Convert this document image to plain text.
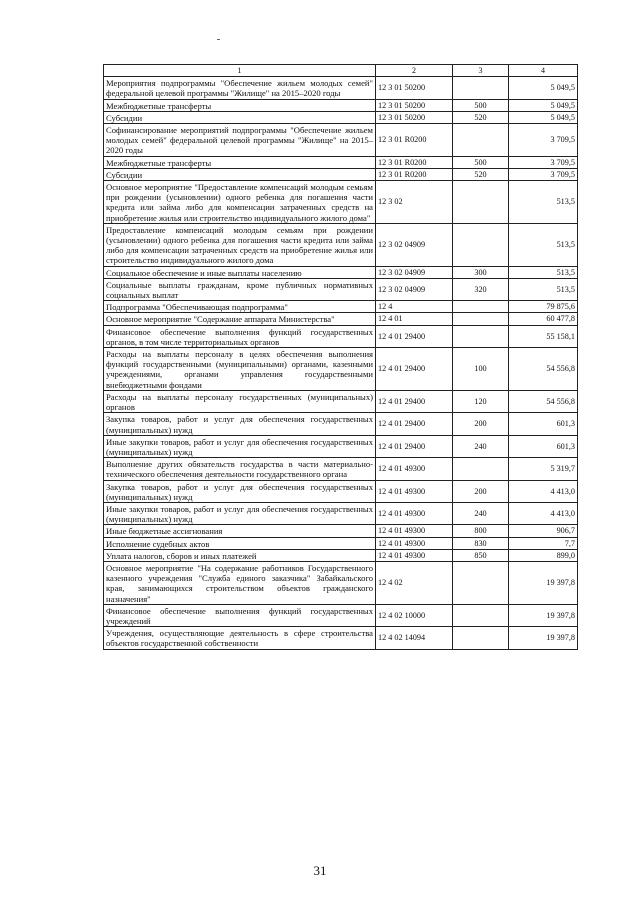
1	2	3	4
Мероприятия подпрограммы "Обеспечение жильем молодых семей" федеральной целевой программы "Жилище" на 2015–2020 годы	12 3 01 50200		5 049,5
Межбюджетные трансферты	12 3 01 50200	500	5 049,5
Субсидии	12 3 01 50200	520	5 049,5
Софинансирование мероприятий подпрограммы "Обеспечение жильем молодых семей" федеральной целевой программы "Жилище" на 2015–2020 годы	12 3 01 R0200		3 709,5
Межбюджетные трансферты	12 3 01 R0200	500	3 709,5
Субсидии	12 3 01 R0200	520	3 709,5
Основное мероприятие "Предоставление компенсаций молодым семьям при рождении (усыновлении) одного ребенка для погашения части кредита или займа либо для компенсации затраченных средств на приобретение жилья или строительство индивидуального жилого дома"	12 3 02		513,5
Предоставление компенсаций молодым семьям при рождении (усыновлении) одного ребенка для погашения части кредита или займа либо для компенсации затраченных средств на приобретение жилья или строительство индивидуального жилого дома	12 3 02 04909		513,5
Социальное обеспечение и иные выплаты населению	12 3 02 04909	300	513,5
Социальные выплаты гражданам, кроме публичных нормативных социальных выплат	12 3 02 04909	320	513,5
Подпрограмма "Обеспечивающая подпрограмма"	12 4		79 875,6
Основное мероприятие "Содержание аппарата Министерства"	12 4 01		60 477,8
Финансовое обеспечение выполнения функций государственных органов, в том числе территориальных органов	12 4 01 29400		55 158,1
Расходы на выплаты персоналу в целях обеспечения выполнения функций государственными (муниципальными) органами, казенными учреждениями, органами управления государственными внебюджетными фондами	12 4 01 29400	100	54 556,8
Расходы на выплаты персоналу государственных (муниципальных) органов	12 4 01 29400	120	54 556,8
Закупка товаров, работ и услуг для обеспечения государственных (муниципальных) нужд	12 4 01 29400	200	601,3
Иные закупки товаров, работ и услуг для обеспечения государственных (муниципальных) нужд	12 4 01 29400	240	601,3
Выполнение других обязательств государства в части материально-технического обеспечения деятельности государственного органа	12 4 01 49300		5 319,7
Закупка товаров, работ и услуг для обеспечения государственных (муниципальных) нужд	12 4 01 49300	200	4 413,0
Иные закупки товаров, работ и услуг для обеспечения государственных (муниципальных) нужд	12 4 01 49300	240	4 413,0
Иные бюджетные ассигнования	12 4 01 49300	800	906,7
Исполнение судебных актов	12 4 01 49300	830	7,7
Уплата налогов, сборов и иных платежей	12 4 01 49300	850	899,0
Основное мероприятие "На содержание работников Государственного казенного учреждения "Служба единого заказчика" Забайкальского края, занимающихся строительством объектов гражданского назначения"	12 4 02		19 397,8
Финансовое обеспечение выполнения функций государственных учреждений	12 4 02 10000		19 397,8
Учреждения, осуществляющие деятельность в сфере строительства объектов государственной собственности	12 4 02 14094		19 397,8
31
